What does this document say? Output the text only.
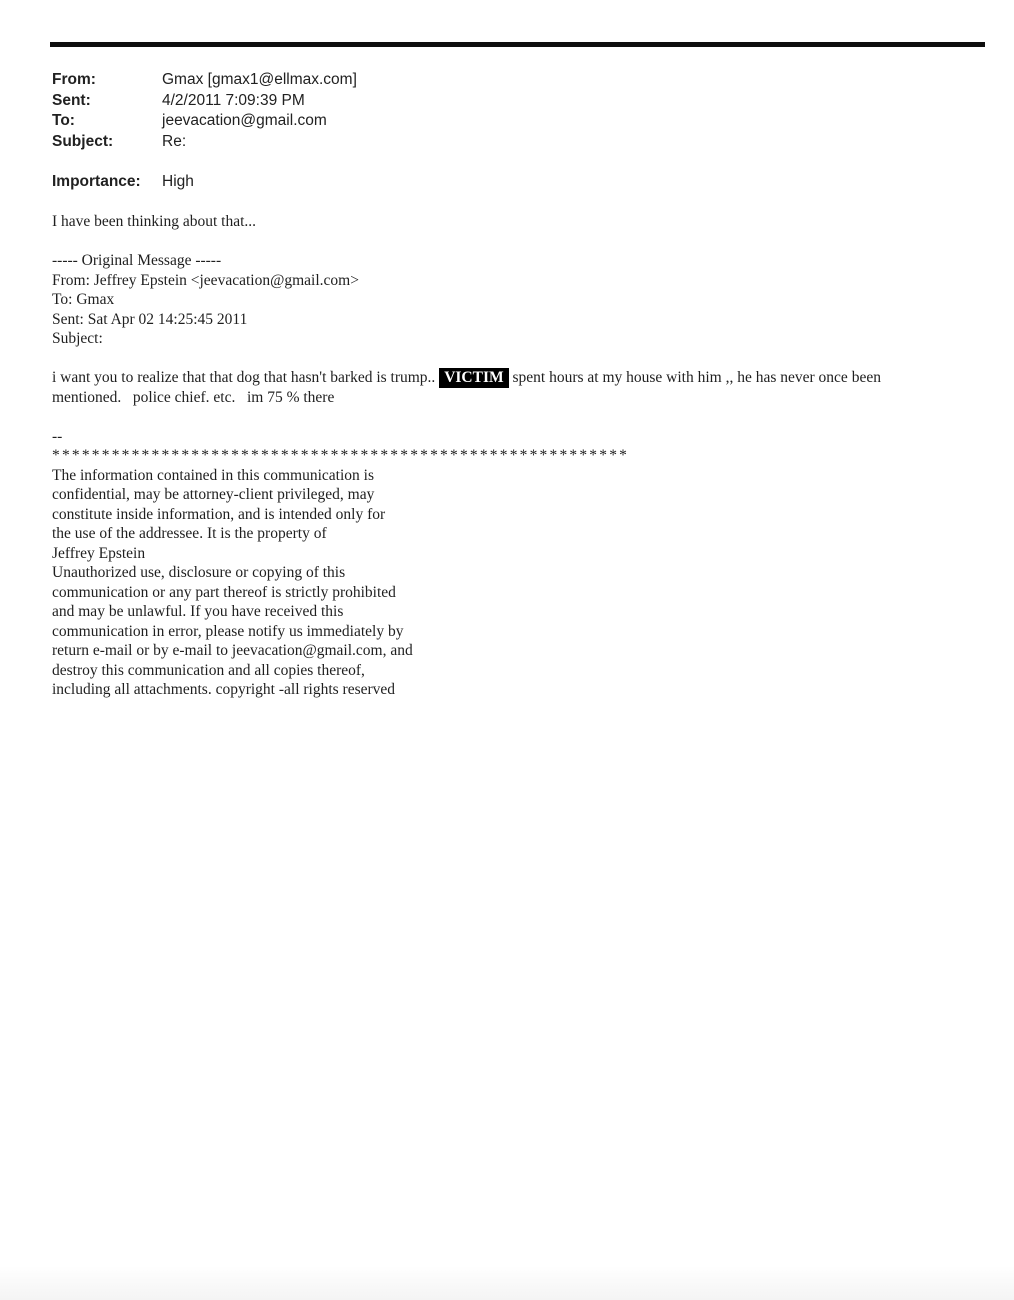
From:	Gmax [gmax1@ellmax.com]
Sent:	4/2/2011 7:09:39 PM
To:	jeevacation@gmail.com
Subject:	Re:
Importance:	High

I have been thinking about that...

----- Original Message -----
From: Jeffrey Epstein <jeevacation@gmail.com>
To: Gmax
Sent: Sat Apr 02 14:25:45 2011
Subject:

i want you to realize that that dog that hasn't barked is trump.. VICTIM spent hours at my house with him ,, he has never once been mentioned.   police chief. etc.   im 75 % there

--
**********************************************************
The information contained in this communication is
confidential, may be attorney-client privileged, may
constitute inside information, and is intended only for
the use of the addressee. It is the property of
Jeffrey Epstein
Unauthorized use, disclosure or copying of this
communication or any part thereof is strictly prohibited
and may be unlawful. If you have received this
communication in error, please notify us immediately by
return e-mail or by e-mail to jeevacation@gmail.com, and
destroy this communication and all copies thereof,
including all attachments. copyright -all rights reserved
